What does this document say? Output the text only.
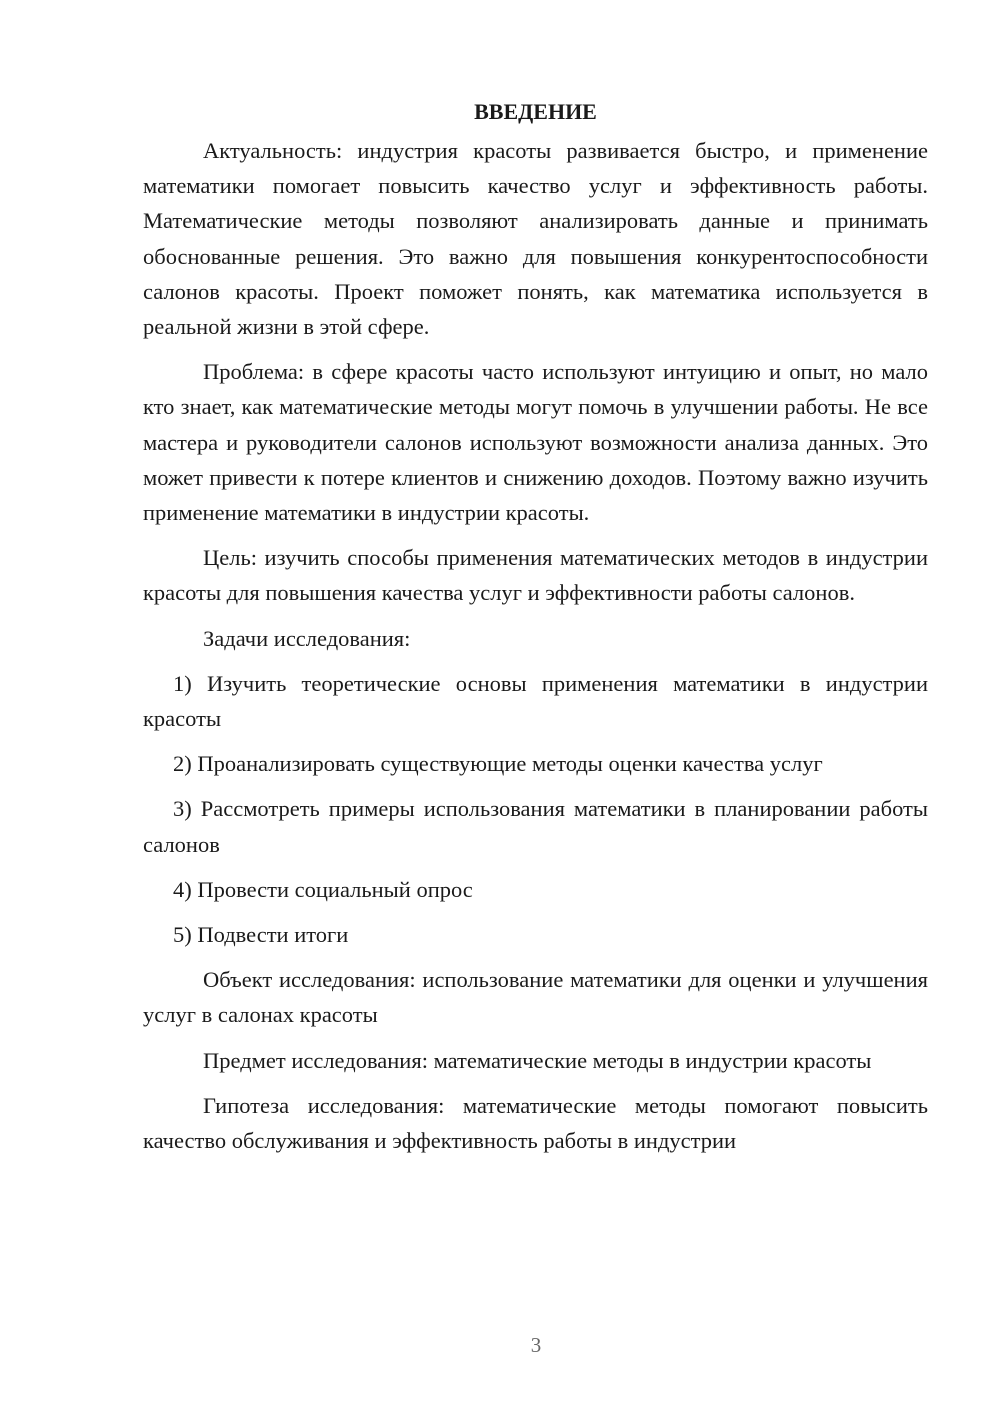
ВВЕДЕНИЕ

Актуальность: индустрия красоты развивается быстро, и применение математики помогает повысить качество услуг и эффективность работы. Математические методы позволяют анализировать данные и принимать обоснованные решения. Это важно для повышения конкурентоспособности салонов красоты. Проект поможет понять, как математика используется в реальной жизни в этой сфере.

Проблема: в сфере красоты часто используют интуицию и опыт, но мало кто знает, как математические методы могут помочь в улучшении работы. Не все мастера и руководители салонов используют возможности анализа данных. Это может привести к потере клиентов и снижению доходов. Поэтому важно изучить применение математики в индустрии красоты.

Цель: изучить способы применения математических методов в индустрии красоты для повышения качества услуг и эффективности работы салонов.

Задачи исследования:

1) Изучить теоретические основы применения математики в индустрии красоты

2) Проанализировать существующие методы оценки качества услуг

3) Рассмотреть примеры использования математики в планировании работы салонов

4) Провести социальный опрос

5) Подвести итоги

Объект исследования: использование математики для оценки и улучшения услуг в салонах красоты

Предмет исследования: математические методы в индустрии красоты

Гипотеза исследования: математические методы помогают повысить качество обслуживания и эффективность работы в индустрии

3
